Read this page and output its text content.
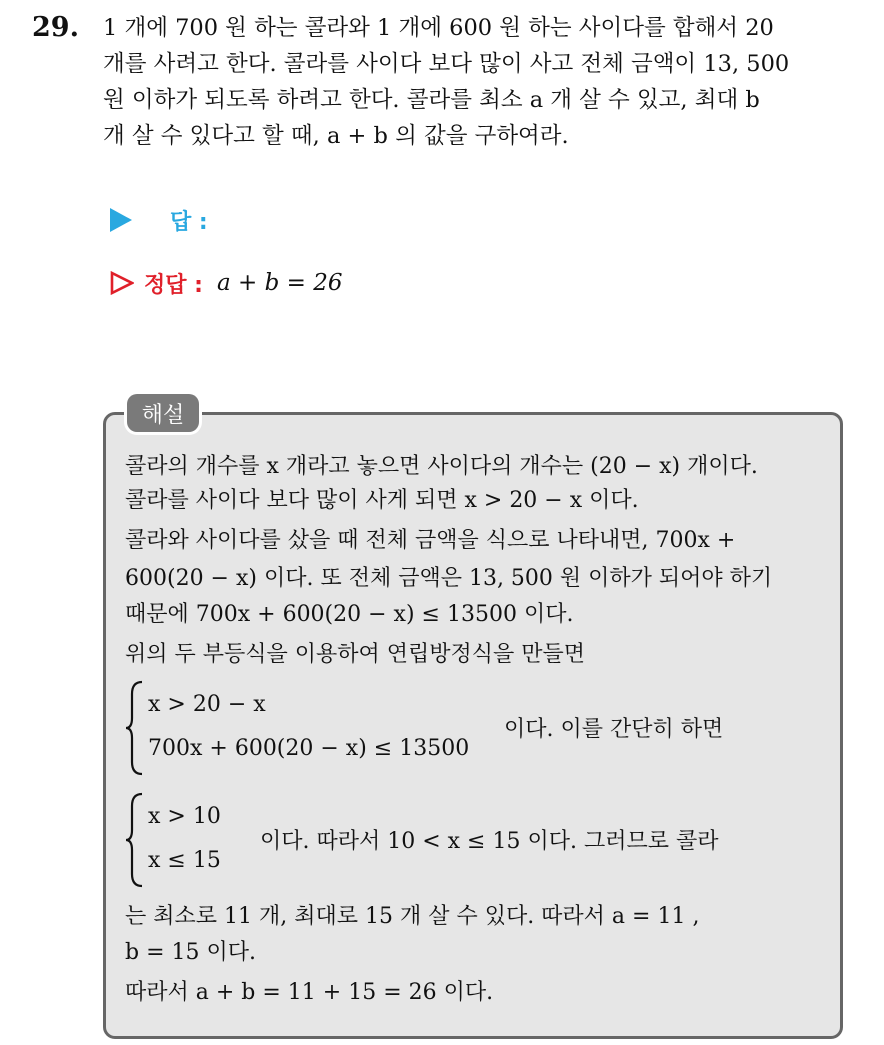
29. 1 개에 700 원 하는 콜라와 1 개에 600 원 하는 사이다를 합해서 20
개를 사려고 한다. 콜라를 사이다 보다 많이 사고 전체 금액이 13, 500
원 이하가 되도록 하려고 한다. 콜라를 최소 a 개 살 수 있고, 최대 b
개 살 수 있다고 할 때, a + b 의 값을 구하여라.
답 :
정답 : a + b = 26
해설
콜라의 개수를 x 개라고 놓으면 사이다의 개수는 (20 − x) 개이다.
콜라를 사이다 보다 많이 사게 되면 x > 20 − x 이다.
콜라와 사이다를 샀을 때 전체 금액을 식으로 나타내면, 700x +
600(20 − x) 이다. 또 전체 금액은 13, 500 원 이하가 되어야 하기
때문에 700x + 600(20 − x) ≤ 13500 이다.
위의 두 부등식을 이용하여 연립방정식을 만들면
x > 20 − x
700x + 600(20 − x) ≤ 13500
이다. 이를 간단히 하면
x > 10
x ≤ 15
이다. 따라서 10 < x ≤ 15 이다. 그러므로 콜라
는 최소로 11 개, 최대로 15 개 살 수 있다. 따라서 a = 11 ,
b = 15 이다.
따라서 a + b = 11 + 15 = 26 이다.
